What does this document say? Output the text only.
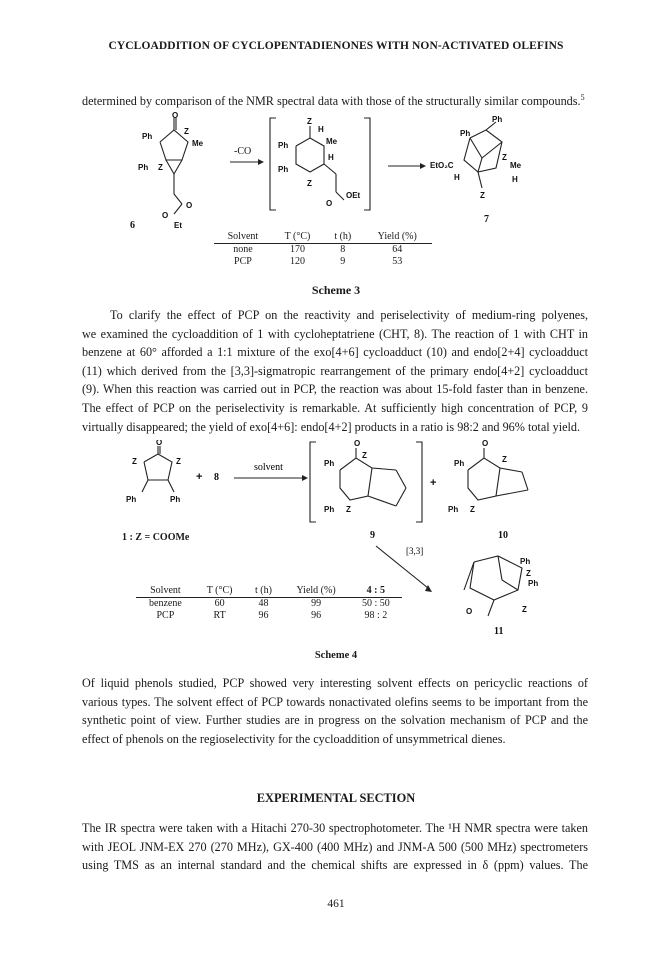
CYCLOADDITION OF CYCLOPENTADIENONES WITH NON-ACTIVATED OLEFINS
determined by comparison of the NMR spectral data with those of the structurally similar compounds.$^5$
O
Ph
Z
Me
Ph Z
O
O
Et
6
-CO
Z
H
Ph	Me
H
Ph
Z
O
OEt
Ph
Ph
EtO₂C
Z
Me
H	H
Z
7
Solvent	T (°C)	t (h)	Yield (%)
none	170	8	64
PCP	120	9	53
Scheme 3
To clarify the effect of PCP on the reactivity and periselectivity of medium-ring polyenes,
we examined the cycloaddition of 1 with cycloheptatriene (CHT, 8). The reaction of 1 with CHT in
benzene at 60° afforded a 1:1 mixture of the exo[4+6] cycloadduct (10) and endo[2+4] cycloadduct
(11) which derived from the [3,3]-sigmatropic rearrangement of the primary endo[4+2] cycloadduct
(9). When this reaction was carried out in PCP, the reaction was about 15-fold faster than in benzene.
The effect of PCP on the periselectivity is remarkable. At sufficiently high concentration of PCP, 9
virtually disappeared; the yield of exo[4+6]: endo[4+2] products in a ratio is 98:2 and 96% total yield.
O
Z	Z
Ph	Ph
+ 8
solvent
O
Z
Ph
Ph Z
9
+
O
Ph	Z
Ph Z
10
[3,3]
Ph
Z
Ph
O	Z
11
1 : Z = COOMe
Solvent	T (°C)	t (h)	Yield (%)	4 : 5
benzene	60	48	99	50 : 50
PCP	RT	96	96	98 : 2
Scheme 4
Of liquid phenols studied, PCP showed very interesting solvent effects on pericyclic reactions of
various types. The solvent effect of PCP towards nonactivated olefins seems to be important from the
synthetic point of view. Further studies are in progress on the solvation mechanism of PCP and the
effect of phenols on the regioselectivity for the cycloaddition of unsymmetrical dienes.
EXPERIMENTAL SECTION
The IR spectra were taken with a Hitachi 270-30 spectrophotometer. The ¹H NMR spectra were taken
with JEOL JNM-EX 270 (270 MHz), GX-400 (400 MHz) and JNM-A 500 (500 MHz) spectrometers
using TMS as an internal standard and the chemical shifts are expressed in δ (ppm) values. The
461
